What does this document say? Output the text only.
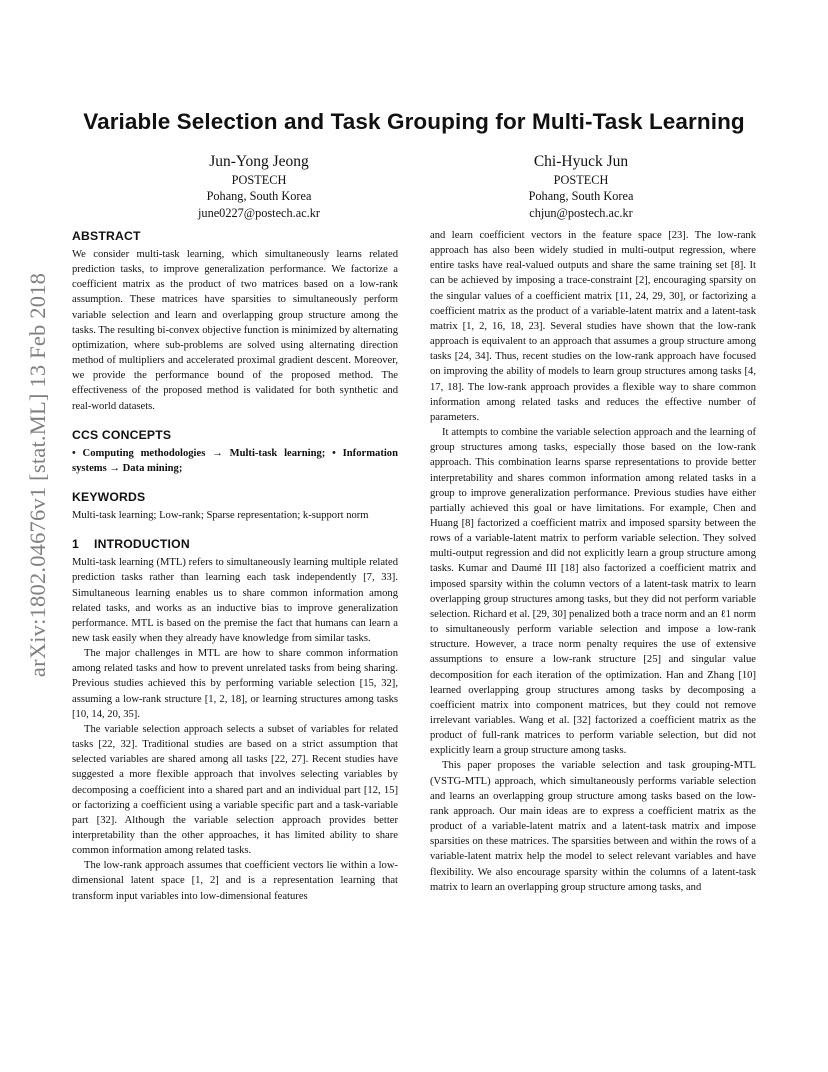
arXiv:1802.04676v1 [stat.ML] 13 Feb 2018
Variable Selection and Task Grouping for Multi-Task Learning
Jun-Yong Jeong
POSTECH
Pohang, South Korea
june0227@postech.ac.kr
Chi-Hyuck Jun
POSTECH
Pohang, South Korea
chjun@postech.ac.kr
ABSTRACT

We consider multi-task learning, which simultaneously learns related prediction tasks, to improve generalization performance. We factorize a coefficient matrix as the product of two matrices based on a low-rank assumption. These matrices have sparsities to simultaneously perform variable selection and learn and overlapping group structure among the tasks. The resulting bi-convex objective function is minimized by alternating optimization, where sub-problems are solved using alternating direction method of multipliers and accelerated proximal gradient descent. Moreover, we provide the performance bound of the proposed method. The effectiveness of the proposed method is validated for both synthetic and real-world datasets.

CCS CONCEPTS

• Computing methodologies → Multi-task learning; • Information systems → Data mining;

KEYWORDS

Multi-task learning; Low-rank; Sparse representation; k-support norm

1 INTRODUCTION

Multi-task learning (MTL) refers to simultaneously learning multiple related prediction tasks rather than learning each task independently [7, 33]. Simultaneous learning enables us to share common information among related tasks, and works as an inductive bias to improve generalization performance. MTL is based on the premise the fact that humans can learn a new task easily when they already have knowledge from similar tasks.

The major challenges in MTL are how to share common information among related tasks and how to prevent unrelated tasks from being sharing. Previous studies achieved this by performing variable selection [15, 32], assuming a low-rank structure [1, 2, 18], or learning structures among tasks [10, 14, 20, 35].

The variable selection approach selects a subset of variables for related tasks [22, 32]. Traditional studies are based on a strict assumption that selected variables are shared among all tasks [22, 27]. Recent studies have suggested a more flexible approach that involves selecting variables by decomposing a coefficient into a shared part and an individual part [12, 15] or factorizing a coefficient using a variable specific part and a task-variable part [32]. Although the variable selection approach provides better interpretability than the other approaches, it has limited ability to share common information among related tasks.

The low-rank approach assumes that coefficient vectors lie within a low-dimensional latent space [1, 2] and is a representation learning that transform input variables into low-dimensional features

and learn coefficient vectors in the feature space [23]. The low-rank approach has also been widely studied in multi-output regression, where entire tasks have real-valued outputs and share the same training set [8]. It can be achieved by imposing a trace-constraint [2], encouraging sparsity on the singular values of a coefficient matrix [11, 24, 29, 30], or factorizing a coefficient matrix as the product of a variable-latent matrix and a latent-task matrix [1, 2, 16, 18, 23]. Several studies have shown that the low-rank approach is equivalent to an approach that assumes a group structure among tasks [24, 34]. Thus, recent studies on the low-rank approach have focused on improving the ability of models to learn group structures among tasks [4, 17, 18]. The low-rank approach provides a flexible way to share common information among related tasks and reduces the effective number of parameters.

It attempts to combine the variable selection approach and the learning of group structures among tasks, especially those based on the low-rank approach. This combination learns sparse representations to provide better interpretability and shares common information among related tasks in a group to improve generalization performance. Previous studies have either partially achieved this goal or have limitations. For example, Chen and Huang [8] factorized a coefficient matrix and imposed sparsity between the rows of a variable-latent matrix to perform variable selection. They solved multi-output regression and did not explicitly learn a group structure among tasks. Kumar and Daumé III [18] also factorized a coefficient matrix and imposed sparsity within the column vectors of a latent-task matrix to learn overlapping group structures among tasks, but they did not perform variable selection. Richard et al. [29, 30] penalized both a trace norm and an ℓ1 norm to simultaneously perform variable selection and impose a low-rank structure. However, a trace norm penalty requires the use of extensive assumptions to ensure a low-rank structure [25] and singular value decomposition for each iteration of the optimization. Han and Zhang [10] learned overlapping group structures among tasks by decomposing a coefficient matrix into component matrices, but they could not remove irrelevant variables. Wang et al. [32] factorized a coefficient matrix as the product of full-rank matrices to perform variable selection, but did not explicitly learn a group structure among tasks.

This paper proposes the variable selection and task grouping-MTL (VSTG-MTL) approach, which simultaneously performs variable selection and learns an overlapping group structure among tasks based on the low-rank approach. Our main ideas are to express a coefficient matrix as the product of a variable-latent matrix and a latent-task matrix and impose sparsities on these matrices. The sparsities between and within the rows of a variable-latent matrix help the model to select relevant variables and have flexibility. We also encourage sparsity within the columns of a latent-task matrix to learn an overlapping group structure among tasks, and
